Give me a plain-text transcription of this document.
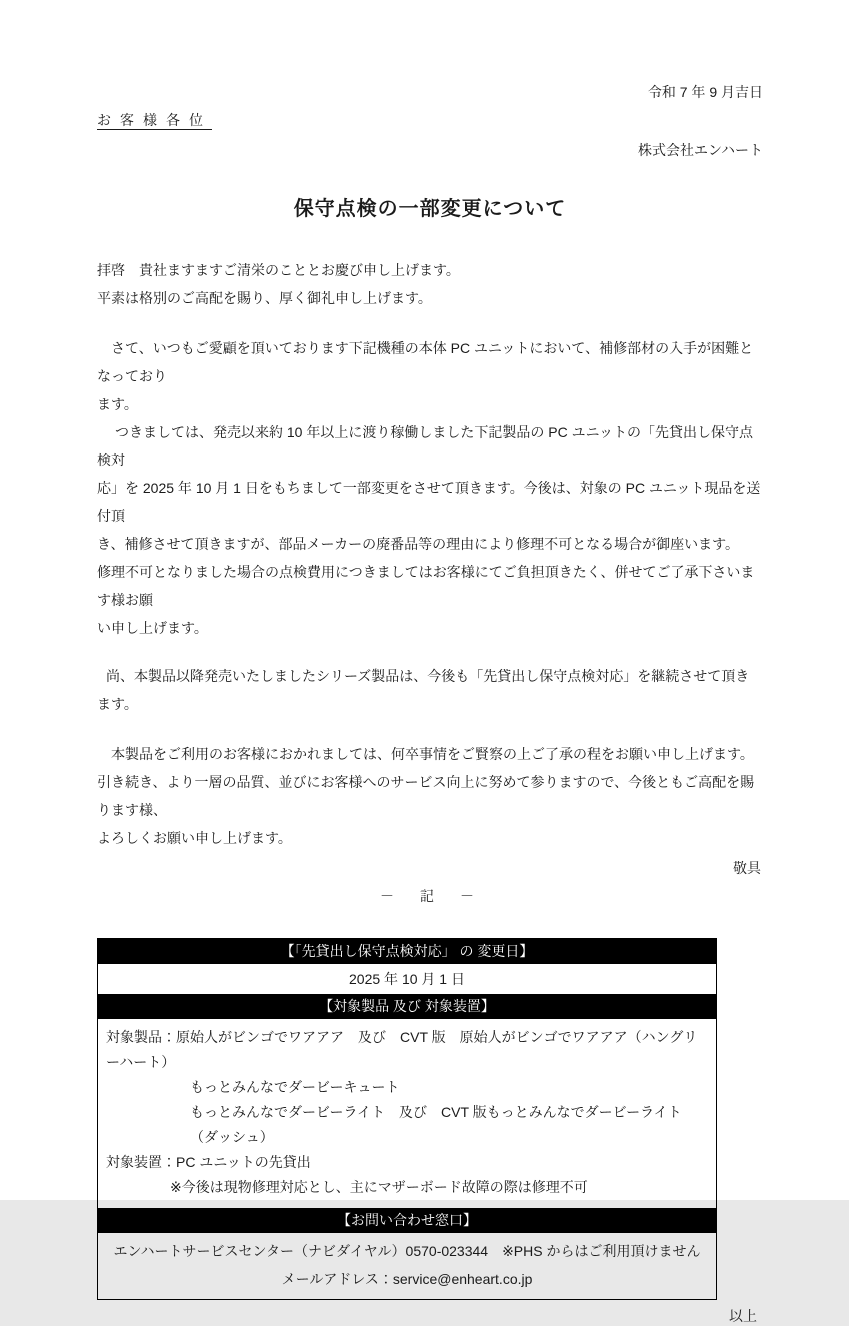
令和 7 年 9 月吉日
お客様各位
株式会社エンハート
保守点検の一部変更について
拝啓　貴社ますますご清栄のこととお慶び申し上げます。
平素は格別のご高配を賜り、厚く御礼申し上げます。
さて、いつもご愛顧を頂いております下記機種の本体 PC ユニットにおいて、補修部材の入手が困難となっており
ます。
つきましては、発売以来約 10 年以上に渡り稼働しました下記製品の PC ユニットの「先貸出し保守点検対
応」を 2025 年 10 月 1 日をもちまして一部変更をさせて頂きます。今後は、対象の PC ユニット現品を送付頂
き、補修させて頂きますが、部品メーカーの廃番品等の理由により修理不可となる場合が御座います。
修理不可となりました場合の点検費用につきましてはお客様にてご負担頂きたく、併せてご了承下さいます様お願
い申し上げます。
尚、本製品以降発売いたしましたシリーズ製品は、今後も「先貸出し保守点検対応」を継続させて頂きます。
本製品をご利用のお客様におかれましては、何卒事情をご賢察の上ご了承の程をお願い申し上げます。
引き続き、より一層の品質、並びにお客様へのサービス向上に努めて参りますので、今後ともご高配を賜ります様、
よろしくお願い申し上げます。
敬具
－　記　－
【「先貸出し保守点検対応」 の 変更日】
2025 年 10 月 1 日
【対象製品 及び 対象装置】
対象製品：原始人がビンゴでワアアア　及び　CVT 版　原始人がビンゴでワアアア（ハングリーハート）
もっとみんなでダービーキュート
もっとみんなでダービーライト　及び　CVT 版もっとみんなでダービーライト（ダッシュ）
対象装置：PC ユニットの先貸出
※今後は現物修理対応とし、主にマザーボード故障の際は修理不可
【お問い合わせ窓口】
エンハートサービスセンター（ナビダイヤル）0570-023344　※PHS からはご利用頂けません
メールアドレス：service@enheart.co.jp
以上
